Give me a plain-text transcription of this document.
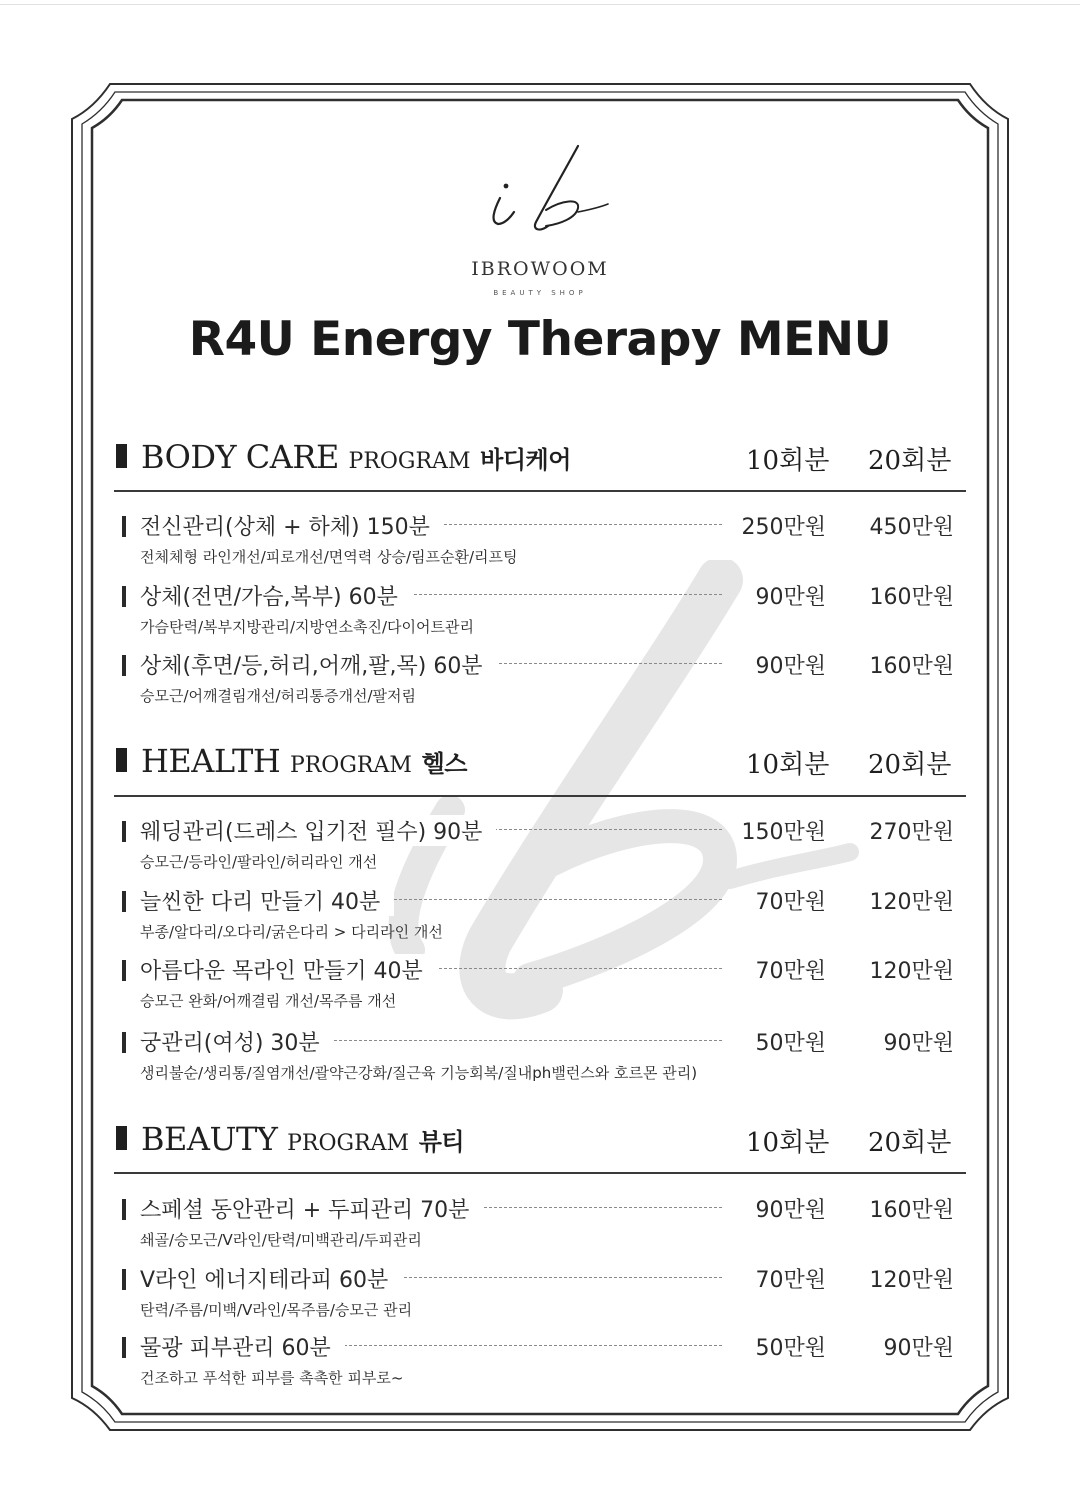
IBROWOOM
BEAUTY SHOP
R4U Energy Therapy MENU
BODY CARE PROGRAM 바디케어	10회분 20회분
전신관리(상체 + 하체) 150분	250만원	450만원
전체체형 라인개선/피로개선/면역력 상승/림프순환/리프팅
상체(전면/가슴,복부) 60분	90만원	160만원
가슴탄력/복부지방관리/지방연소촉진/다이어트관리
상체(후면/등,허리,어깨,팔,목) 60분	90만원	160만원
승모근/어깨결림개선/허리통증개선/팔저림
HEALTH PROGRAM 헬스	10회분 20회분
웨딩관리(드레스 입기전 필수) 90분	150만원	270만원
승모근/등라인/팔라인/허리라인 개선
늘씬한 다리 만들기 40분	70만원	120만원
부종/알다리/오다리/굵은다리 > 다리라인 개선
아름다운 목라인 만들기 40분	70만원	120만원
승모근 완화/어깨결림 개선/목주름 개선
궁관리(여성) 30분	50만원	90만원
생리불순/생리통/질염개선/괄약근강화/질근육 기능회복/질내ph밸런스와 호르몬 관리)
BEAUTY PROGRAM 뷰티	10회분 20회분
스페셜 동안관리 + 두피관리 70분	90만원	160만원
쇄골/승모근/V라인/탄력/미백관리/두피관리
V라인 에너지테라피 60분	70만원	120만원
탄력/주름/미백/V라인/목주름/승모근 관리
물광 피부관리 60분	50만원	90만원
건조하고 푸석한 피부를 촉촉한 피부로~
